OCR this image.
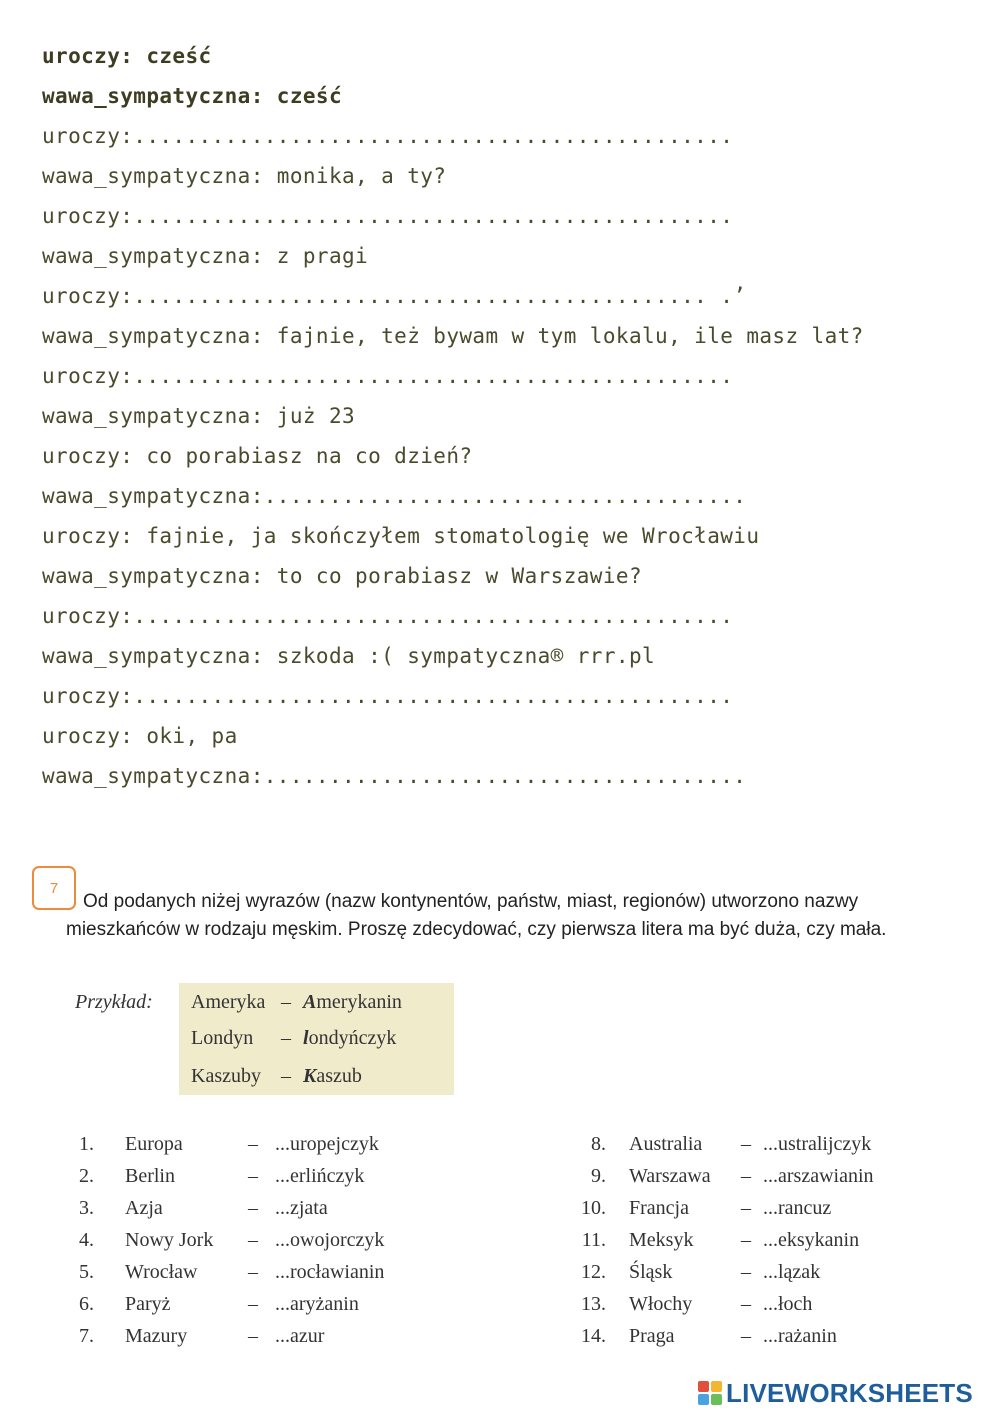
uroczy: cześć
wawa_sympatyczna: cześć
uroczy:..............................................
wawa_sympatyczna: monika, a ty?
uroczy:..............................................
wawa_sympatyczna: z pragi
uroczy:............................................ .’
wawa_sympatyczna: fajnie, też bywam w tym lokalu, ile masz lat?
uroczy:..............................................
wawa_sympatyczna: już 23
uroczy: co porabiasz na co dzień?
wawa_sympatyczna:.....................................
uroczy: fajnie, ja skończyłem stomatologię we Wrocławiu
wawa_sympatyczna: to co porabiasz w Warszawie?
uroczy:..............................................
wawa_sympatyczna: szkoda :( sympatyczna® rrr.pl
uroczy:..............................................
uroczy: oki, pa
wawa_sympatyczna:.....................................
7
Od podanych niżej wyrazów (nazw kontynentów, państw, miast, regionów) utworzono nazwy
mieszkańców w rodzaju męskim. Proszę zdecydować, czy pierwsza litera ma być duża, czy mała.
Przykład: Ameryka – Amerykanin
Londyn – londyńczyk
Kaszuby – Kaszub
1. Europa	– ...uropejczyk
2. Berlin	– ...erlińczyk
3. Azja	– ...zjata
4. Nowy Jork – ...owojorczyk
5. Wrocław	– ...rocławianin
6. Paryż	– ...aryżanin
7. Mazury	– ...azur
8. Australia – ...ustralijczyk
9. Warszawa – ...arszawianin
10. Francja	– ...rancuz
11. Meksyk – ...eksykanin
12. Śląsk	– ...lązak
13. Włochy – ...łoch
14. Praga	– ...rażanin
LIVEWORKSHEETS
